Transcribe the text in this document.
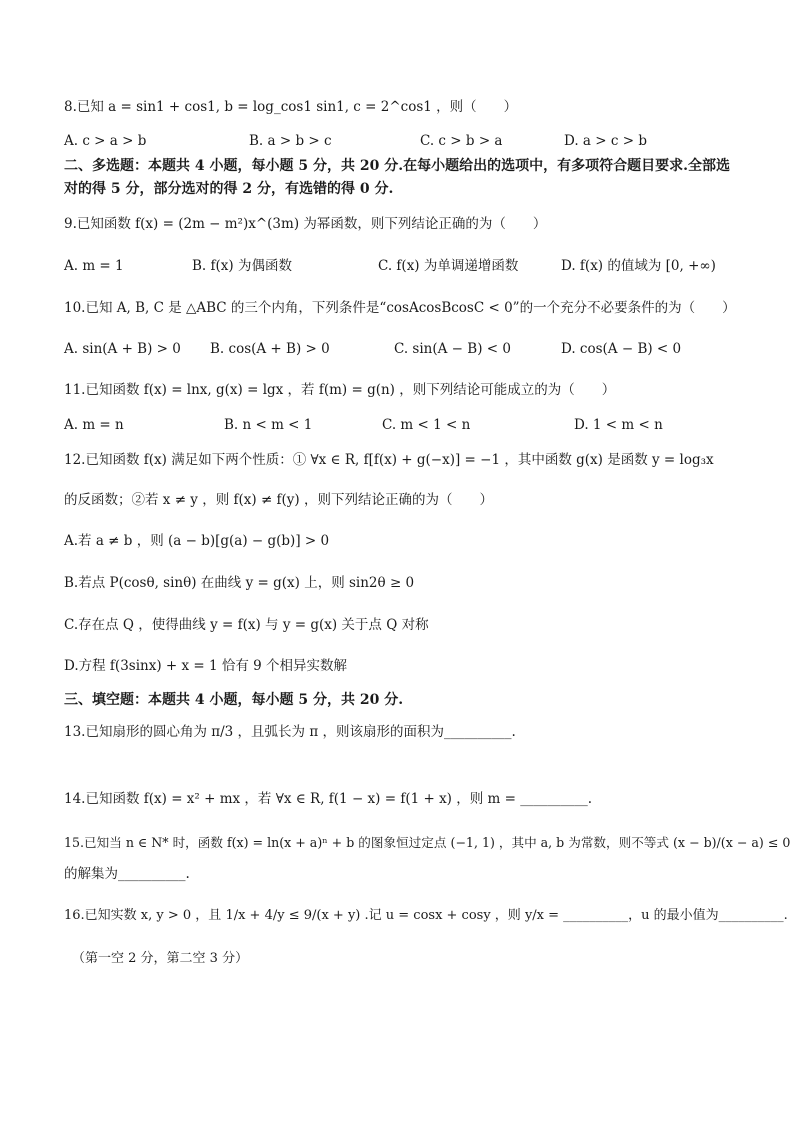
8.已知 a = sin1 + cos1, b = log_cos1 sin1, c = 2^cos1 ，则（　　）
A. c > a > b	B. a > b > c	C. c > b > a	D. a > c > b
二、多选题：本题共 4 小题，每小题 5 分，共 20 分.在每小题给出的选项中，有多项符合题目要求.全部选对的得 5 分，部分选对的得 2 分，有选错的得 0 分.
9.已知函数 f(x) = (2m − m²)x^(3m) 为幂函数，则下列结论正确的为（　　）
A. m = 1	B. f(x) 为偶函数	C. f(x) 为单调递增函数	D. f(x) 的值域为 [0, +∞)
10.已知 A, B, C 是 △ABC 的三个内角，下列条件是“cosAcosBcosC < 0”的一个充分不必要条件的为（　　）
A. sin(A + B) > 0 B. cos(A + B) > 0	C. sin(A − B) < 0	D. cos(A − B) < 0
11.已知函数 f(x) = lnx, g(x) = lgx ，若 f(m) = g(n) ，则下列结论可能成立的为（　　）
A. m = n	B. n < m < 1	C. m < 1 < n	D. 1 < m < n
12.已知函数 f(x) 满足如下两个性质：① ∀x ∈ R, f[f(x) + g(−x)] = −1 ，其中函数 g(x) 是函数 y = log₃x
的反函数；②若 x ≠ y ，则 f(x) ≠ f(y) ，则下列结论正确的为（　　）
A.若 a ≠ b ，则 (a − b)[g(a) − g(b)] > 0
B.若点 P(cosθ, sinθ) 在曲线 y = g(x) 上，则 sin2θ ≥ 0
C.存在点 Q ，使得曲线 y = f(x) 与 y = g(x) 关于点 Q 对称
D.方程 f(3sinx) + x = 1 恰有 9 个相异实数解
三、填空题：本题共 4 小题，每小题 5 分，共 20 分.
13.已知扇形的圆心角为 π/3 ，且弧长为 π ，则该扇形的面积为__________.
14.已知函数 f(x) = x² + mx ，若 ∀x ∈ R, f(1 − x) = f(1 + x) ，则 m = __________.
15.已知当 n ∈ N* 时，函数 f(x) = ln(x + a)ⁿ + b 的图象恒过定点 (−1, 1) ，其中 a, b 为常数，则不等式 (x − b)/(x − a) ≤ 0
的解集为__________.
16.已知实数 x, y > 0 ，且 1/x + 4/y ≤ 9/(x + y) .记 u = cosx + cosy ，则 y/x = __________，u 的最小值为__________.
（第一空 2 分，第二空 3 分）
